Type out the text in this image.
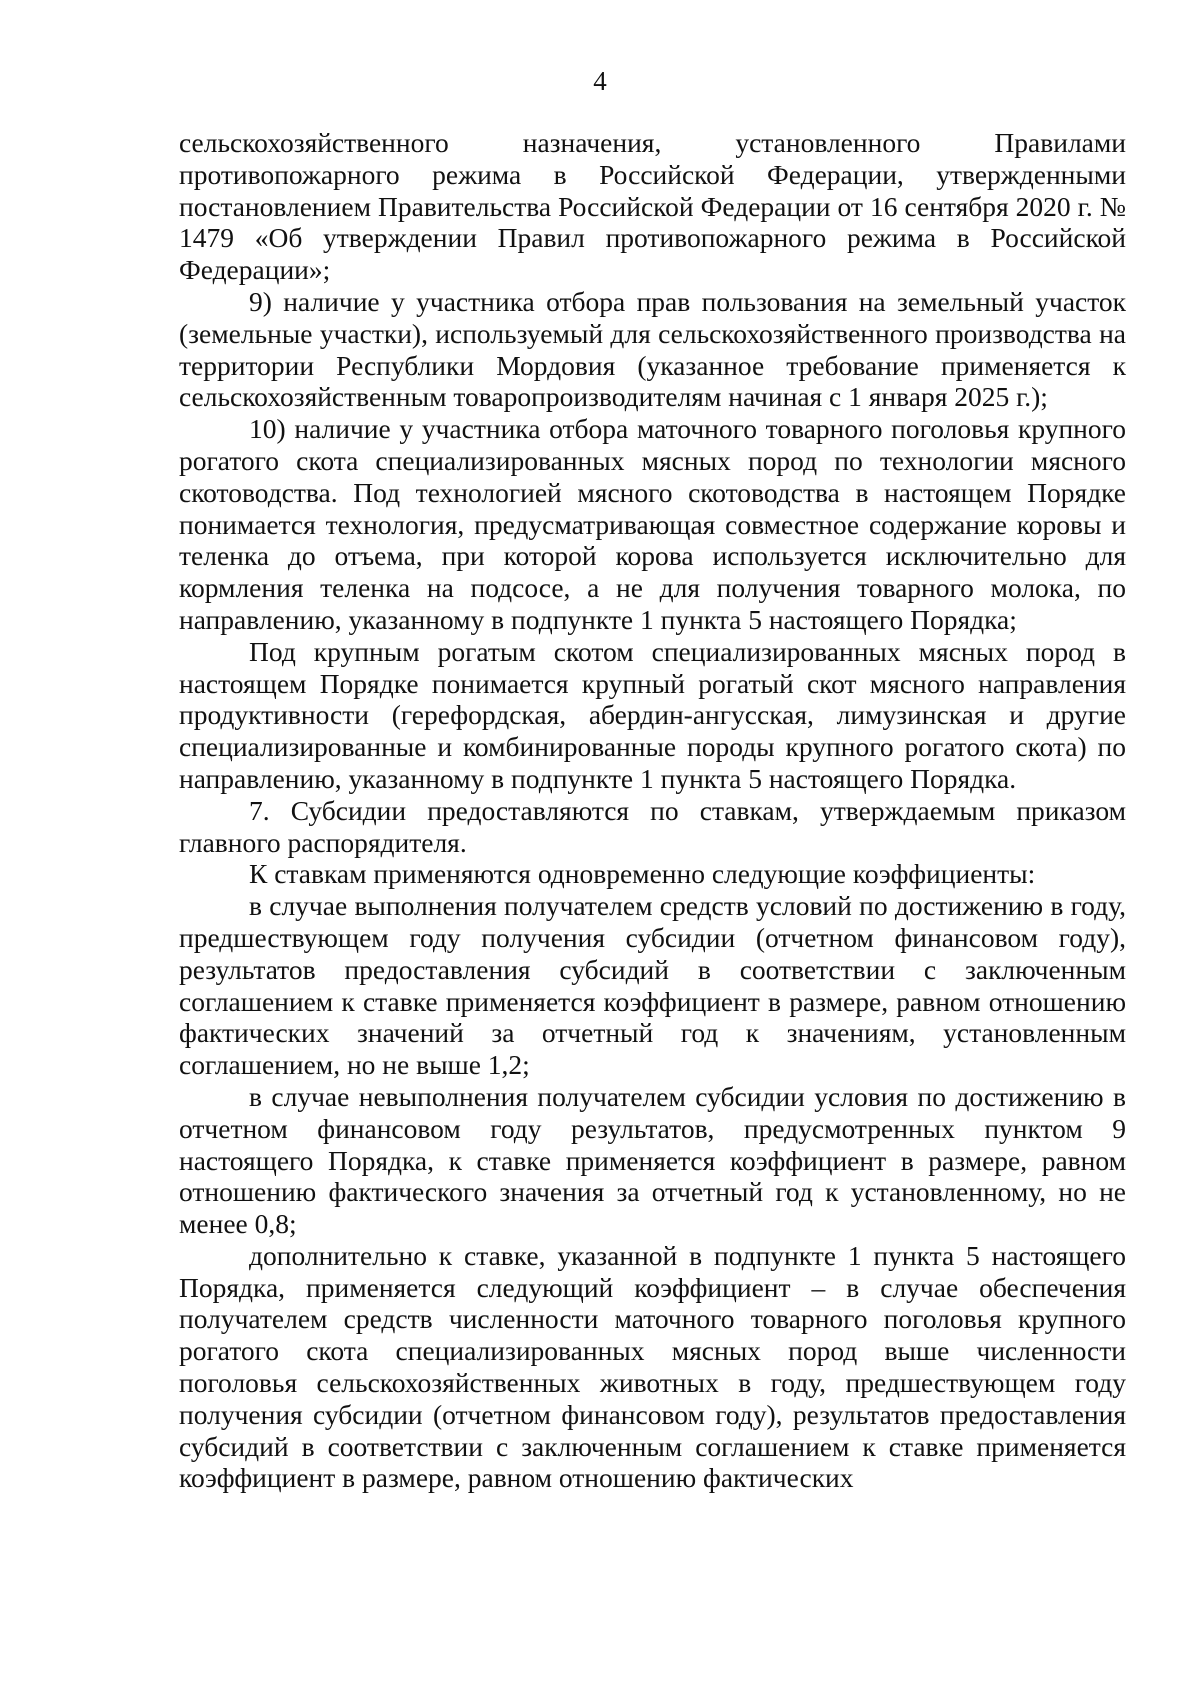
4

сельскохозяйственного назначения, установленного Правилами противопожарного режима в Российской Федерации, утвержденными постановлением Правительства Российской Федерации от 16 сентября 2020 г. № 1479 «Об утверждении Правил противопожарного режима в Российской Федерации»;

9) наличие у участника отбора прав пользования на земельный участок (земельные участки), используемый для сельскохозяйственного производства на территории Республики Мордовия (указанное требование применяется к сельскохозяйственным товаропроизводителям начиная с 1 января 2025 г.);

10) наличие у участника отбора маточного товарного поголовья крупного рогатого скота специализированных мясных пород по технологии мясного скотоводства. Под технологией мясного скотоводства в настоящем Порядке понимается технология, предусматривающая совместное содержание коровы и теленка до отъема, при которой корова используется исключительно для кормления теленка на подсосе, а не для получения товарного молока, по направлению, указанному в подпункте 1 пункта 5 настоящего Порядка;

Под крупным рогатым скотом специализированных мясных пород в настоящем Порядке понимается крупный рогатый скот мясного направления продуктивности (герефордская, абердин-ангусская, лимузинская и другие специализированные и комбинированные породы крупного рогатого скота) по направлению, указанному в подпункте 1 пункта 5 настоящего Порядка.

7. Субсидии предоставляются по ставкам, утверждаемым приказом главного распорядителя.

К ставкам применяются одновременно следующие коэффициенты:

в случае выполнения получателем средств условий по достижению в году, предшествующем году получения субсидии (отчетном финансовом году), результатов предоставления субсидий в соответствии с заключенным соглашением к ставке применяется коэффициент в размере, равном отношению фактических значений за отчетный год к значениям, установленным соглашением, но не выше 1,2;

в случае невыполнения получателем субсидии условия по достижению в отчетном финансовом году результатов, предусмотренных пунктом 9 настоящего Порядка, к ставке применяется коэффициент в размере, равном отношению фактического значения за отчетный год к установленному, но не менее 0,8;

дополнительно к ставке, указанной в подпункте 1 пункта 5 настоящего Порядка, применяется следующий коэффициент – в случае обеспечения получателем средств численности маточного товарного поголовья крупного рогатого скота специализированных мясных пород выше численности поголовья сельскохозяйственных животных в году, предшествующем году получения субсидии (отчетном финансовом году), результатов предоставления субсидий в соответствии с заключенным соглашением к ставке применяется коэффициент в размере, равном отношению фактических
